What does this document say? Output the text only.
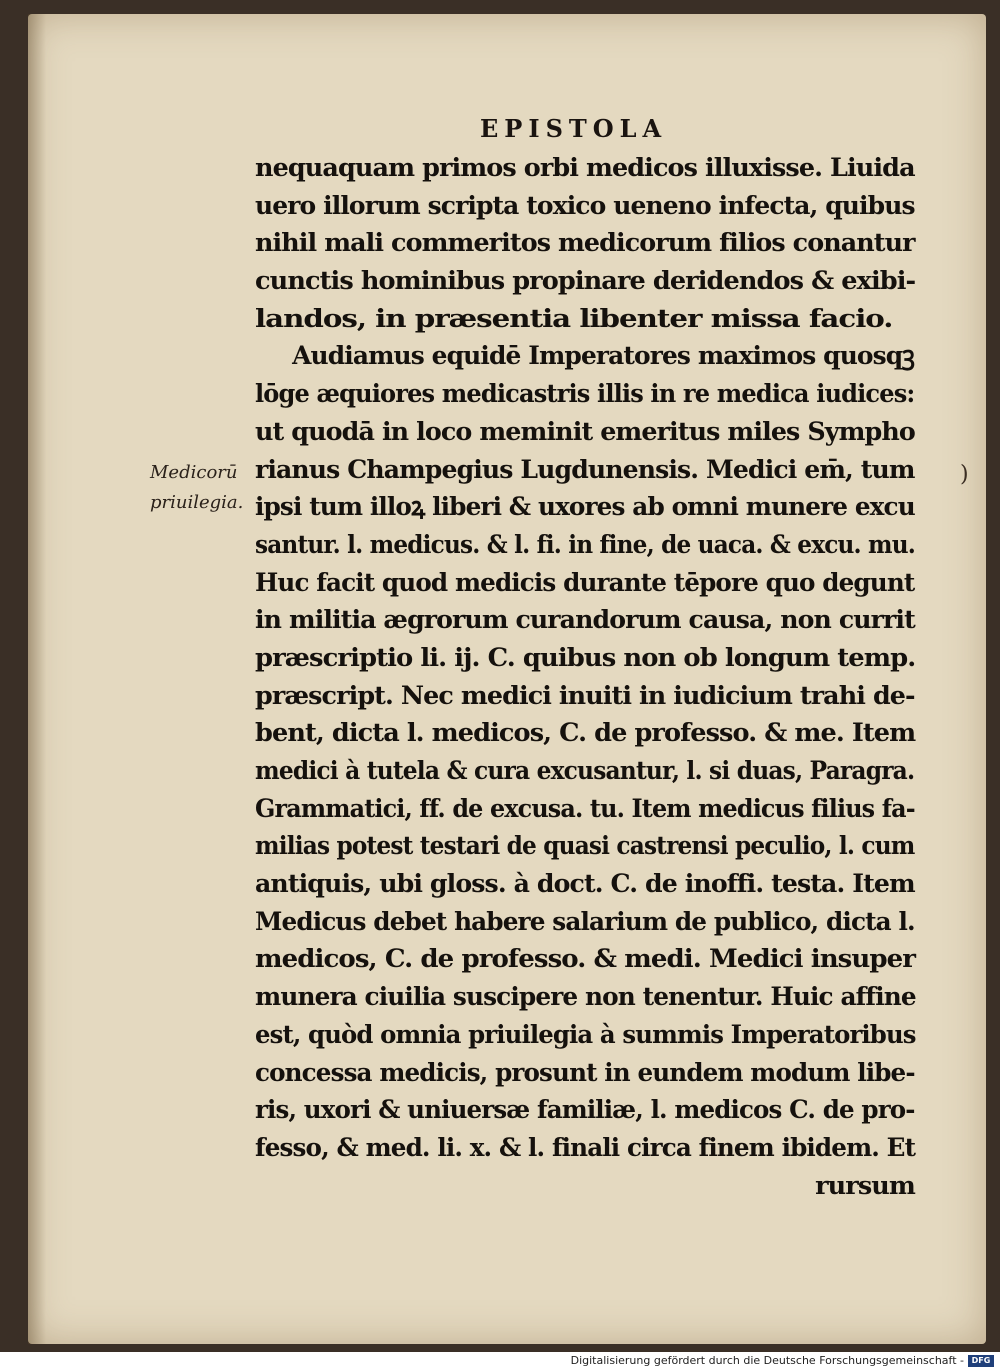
EPISTOLA
Medicorū
priuilegia.
)
nequaquam primos orbi medicos illuxisse. Liuida
uero illorum scripta toxico ueneno infecta, quibus
nihil mali commeritos medicorum filios conantur
cunctis hominibus propinare deridendos & exibi-
landos, in præsentia libenter missa facio.
Audiamus equidē Imperatores maximos quosqꝫ
lōge æquiores medicastris illis in re medica iudices:
ut quodā in loco meminit emeritus miles Sympho
rianus Champegius Lugdunensis. Medici em̄, tum
ipsi tum illoꝝ liberi & uxores ab omni munere excu
santur. l. medicus. & l. fi. in fine, de uaca. & excu. mu.
Huc facit quod medicis durante tēpore quo degunt
in militia ægrorum curandorum causa, non currit
præscriptio li. ij. C. quibus non ob longum temp.
præscript. Nec medici inuiti in iudicium trahi de-
bent, dicta l. medicos, C. de professo. & me. Item
medici à tutela & cura excusantur, l. si duas, Paragra.
Grammatici, ff. de excusa. tu. Item medicus filius fa-
milias potest testari de quasi castrensi peculio, l. cum
antiquis, ubi gloss. à doct. C. de inoffi. testa. Item
Medicus debet habere salarium de publico, dicta l.
medicos, C. de professo. & medi. Medici insuper
munera ciuilia suscipere non tenentur. Huic affine
est, quòd omnia priuilegia à summis Imperatoribus
concessa medicis, prosunt in eundem modum libe-
ris, uxori & uniuersæ familiæ, l. medicos C. de pro-
fesso, & med. li. x. & l. finali circa finem ibidem. Et
rursum
Digitalisierung gefördert durch die Deutsche Forschungsgemeinschaft - DFG
